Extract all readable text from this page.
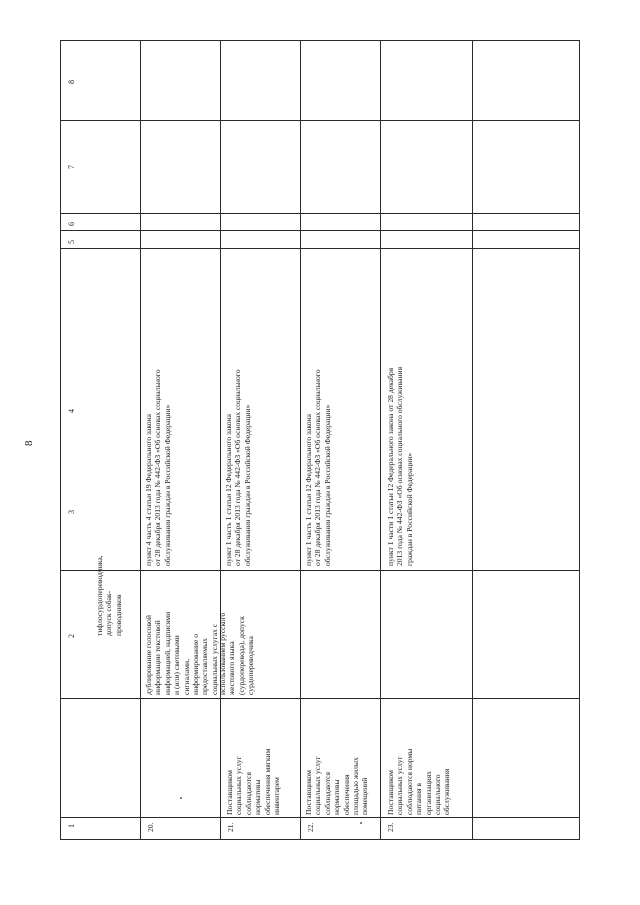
8
1
2
3
4
5
6
7
8
тифлосурдопереводчика, допуск собак- проводников
20.
дублирование голосовой информации текстовой информацией, надписями и (или) световыми сигналами, информирование о предоставляемых социальных услугах с использованием русского жестового языка (сурдоперевода), допуск сурдопереводчика
пункт 4 часть 4 статьи 19 Федерального закона от 28 декабря 2013 года № 442-ФЗ «Об основах социального обслуживания граждан в Российской Федерации»
21.
Поставщиком социальных услуг соблюдаются нормативы обеспечения мягким инвентарем
пункт 1 часть 1 статьи 12 Федерального закона от 28 декабря 2013 года № 442-ФЗ «Об основах социального обслуживания граждан в Российской Федерации»
22.
Поставщиком социальных услуг соблюдаются нормативы обеспечения площадью жилых помещений
пункт 1 часть 1 статьи 12 Федерального закона от 28 декабря 2013 года № 442-ФЗ «Об основах социального обслуживания граждан в Российской Федерации»
23.
Поставщиком социальных услуг соблюдаются нормы питания в организациях социального обслуживания
пункт 1 части 1 статьи 12 Федерального закона от 28 декабря 2013 года № 442-ФЗ «Об основах социального обслуживания граждан в Российской Федерации»
